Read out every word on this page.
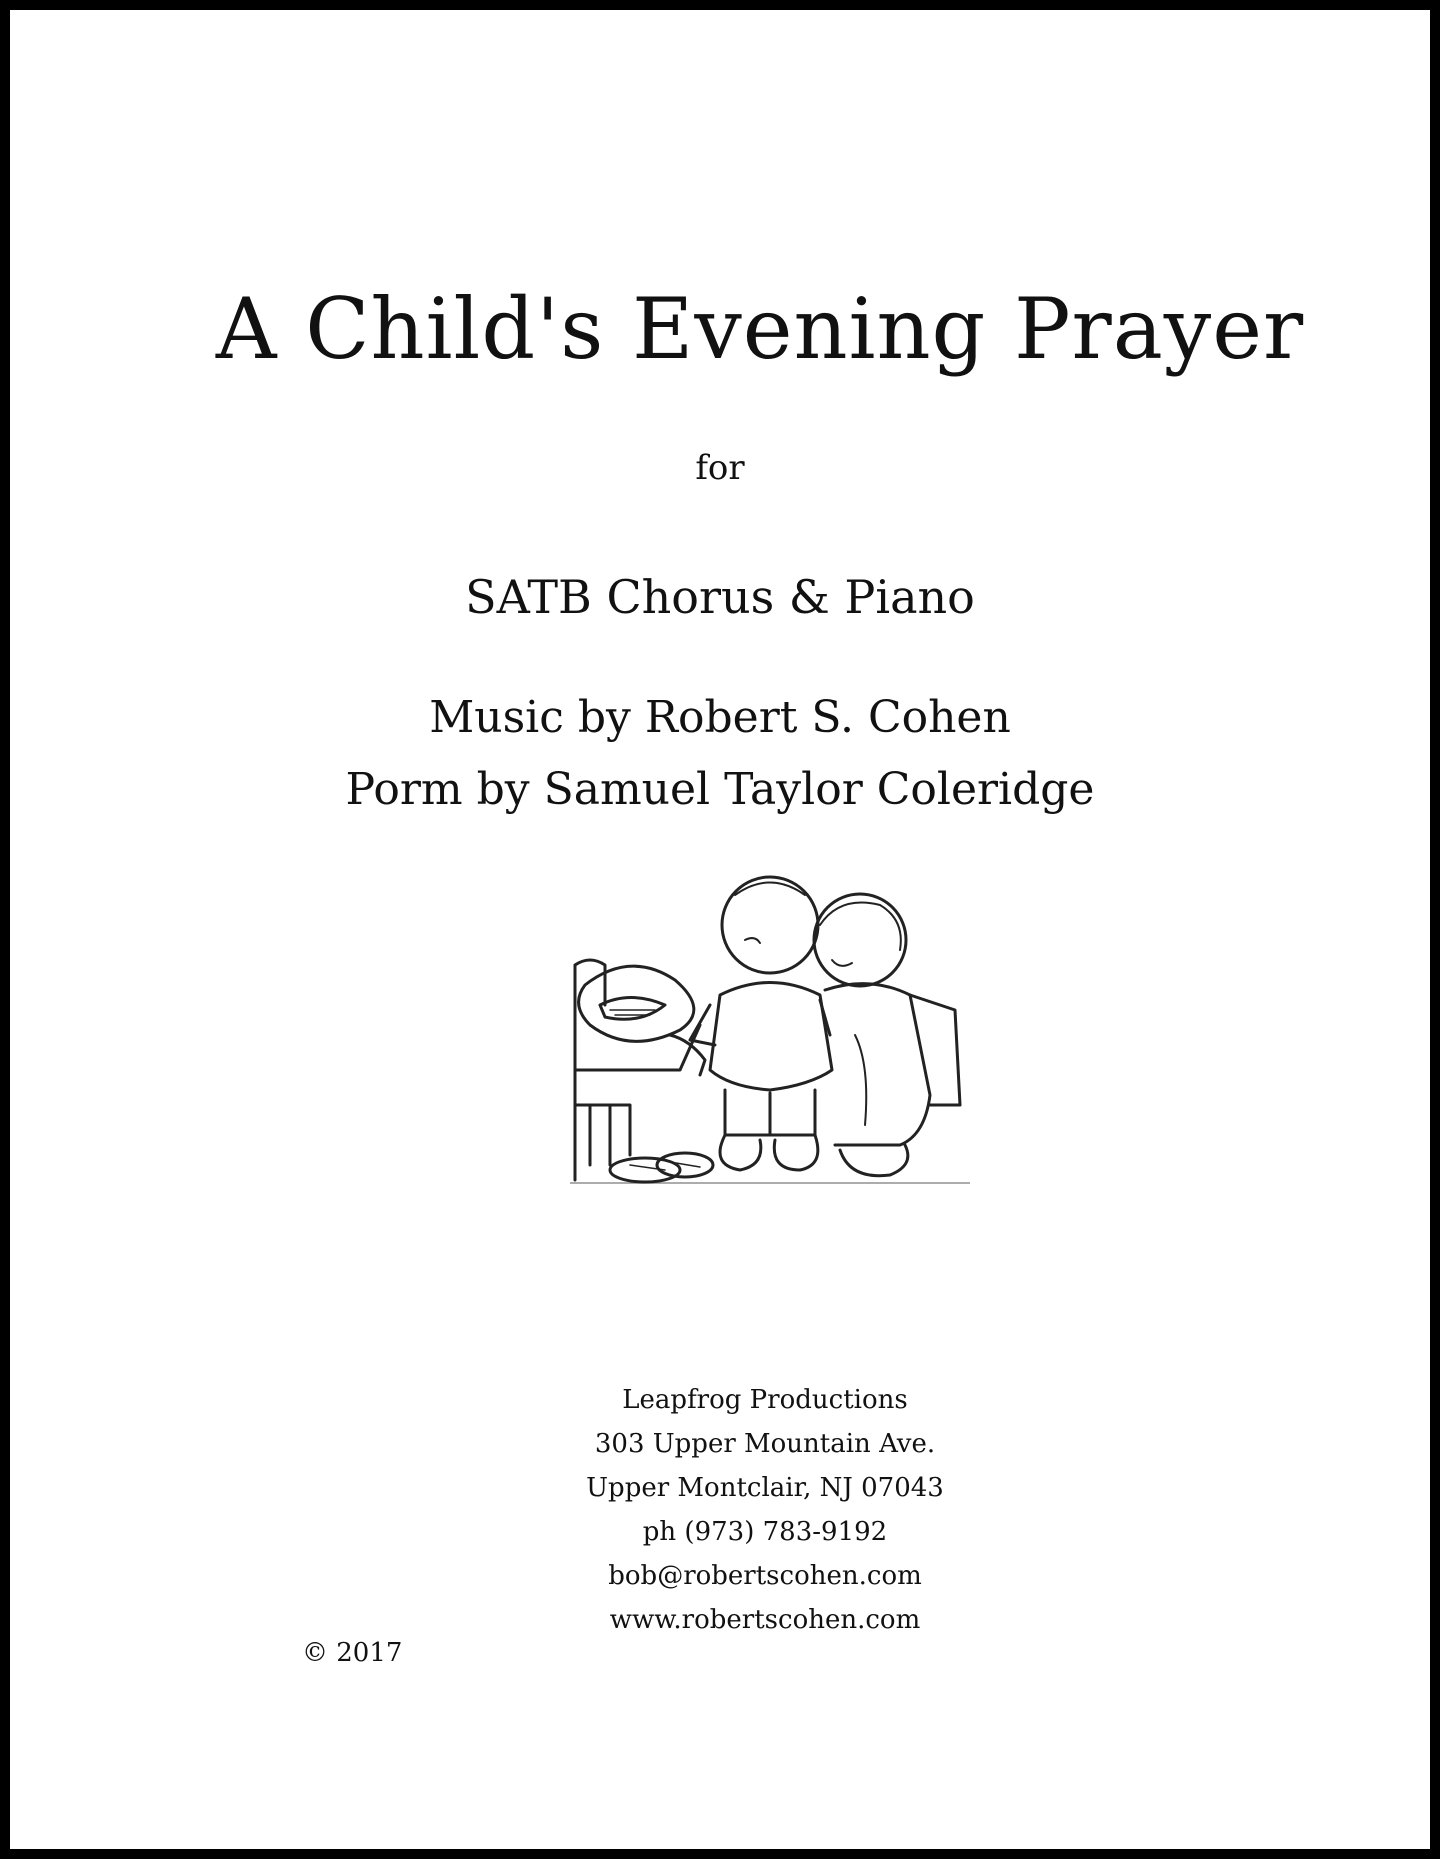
A Child's Evening Prayer
for
SATB Chorus & Piano
Music by Robert S. Cohen
Porm by Samuel Taylor Coleridge
Leapfrog Productions
303 Upper Mountain Ave.
Upper Montclair, NJ 07043
ph (973) 783-9192
bob@robertscohen.com
www.robertscohen.com
© 2017
